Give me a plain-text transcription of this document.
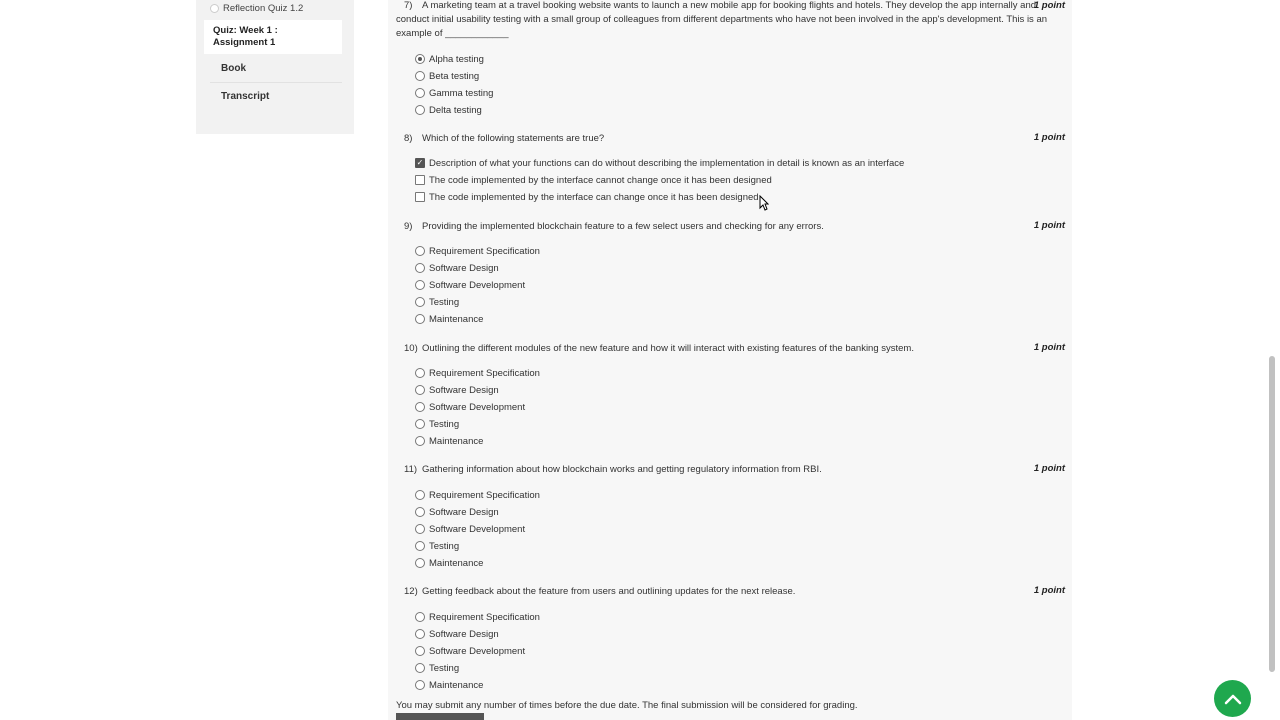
Reflection Quiz 1.2
Quiz: Week 1 : Assignment 1
Book
Transcript
7) A marketing team at a travel booking website wants to launch a new mobile app for booking flights and hotels. They develop the app internally and conduct initial usability testing with a small group of colleagues from different departments who have not been involved in the app's development. This is an example of ____________
1 point
Alpha testing
Beta testing
Gamma testing
Delta testing
8) Which of the following statements are true?	1 point
✓ Description of what your functions can do without describing the implementation in detail is known as an interface
The code implemented by the interface cannot change once it has been designed
The code implemented by the interface can change once it has been designed
9) Providing the implemented blockchain feature to a few select users and checking for any errors.	1 point
Requirement Specification
Software Design
Software Development
Testing
Maintenance
10) Outlining the different modules of the new feature and how it will interact with existing features of the banking system.	1 point
Requirement Specification
Software Design
Software Development
Testing
Maintenance
11) Gathering information about how blockchain works and getting regulatory information from RBI.	1 point
Requirement Specification
Software Design
Software Development
Testing
Maintenance
12) Getting feedback about the feature from users and outlining updates for the next release.	1 point
Requirement Specification
Software Design
Software Development
Testing
Maintenance
You may submit any number of times before the due date. The final submission will be considered for grading.
